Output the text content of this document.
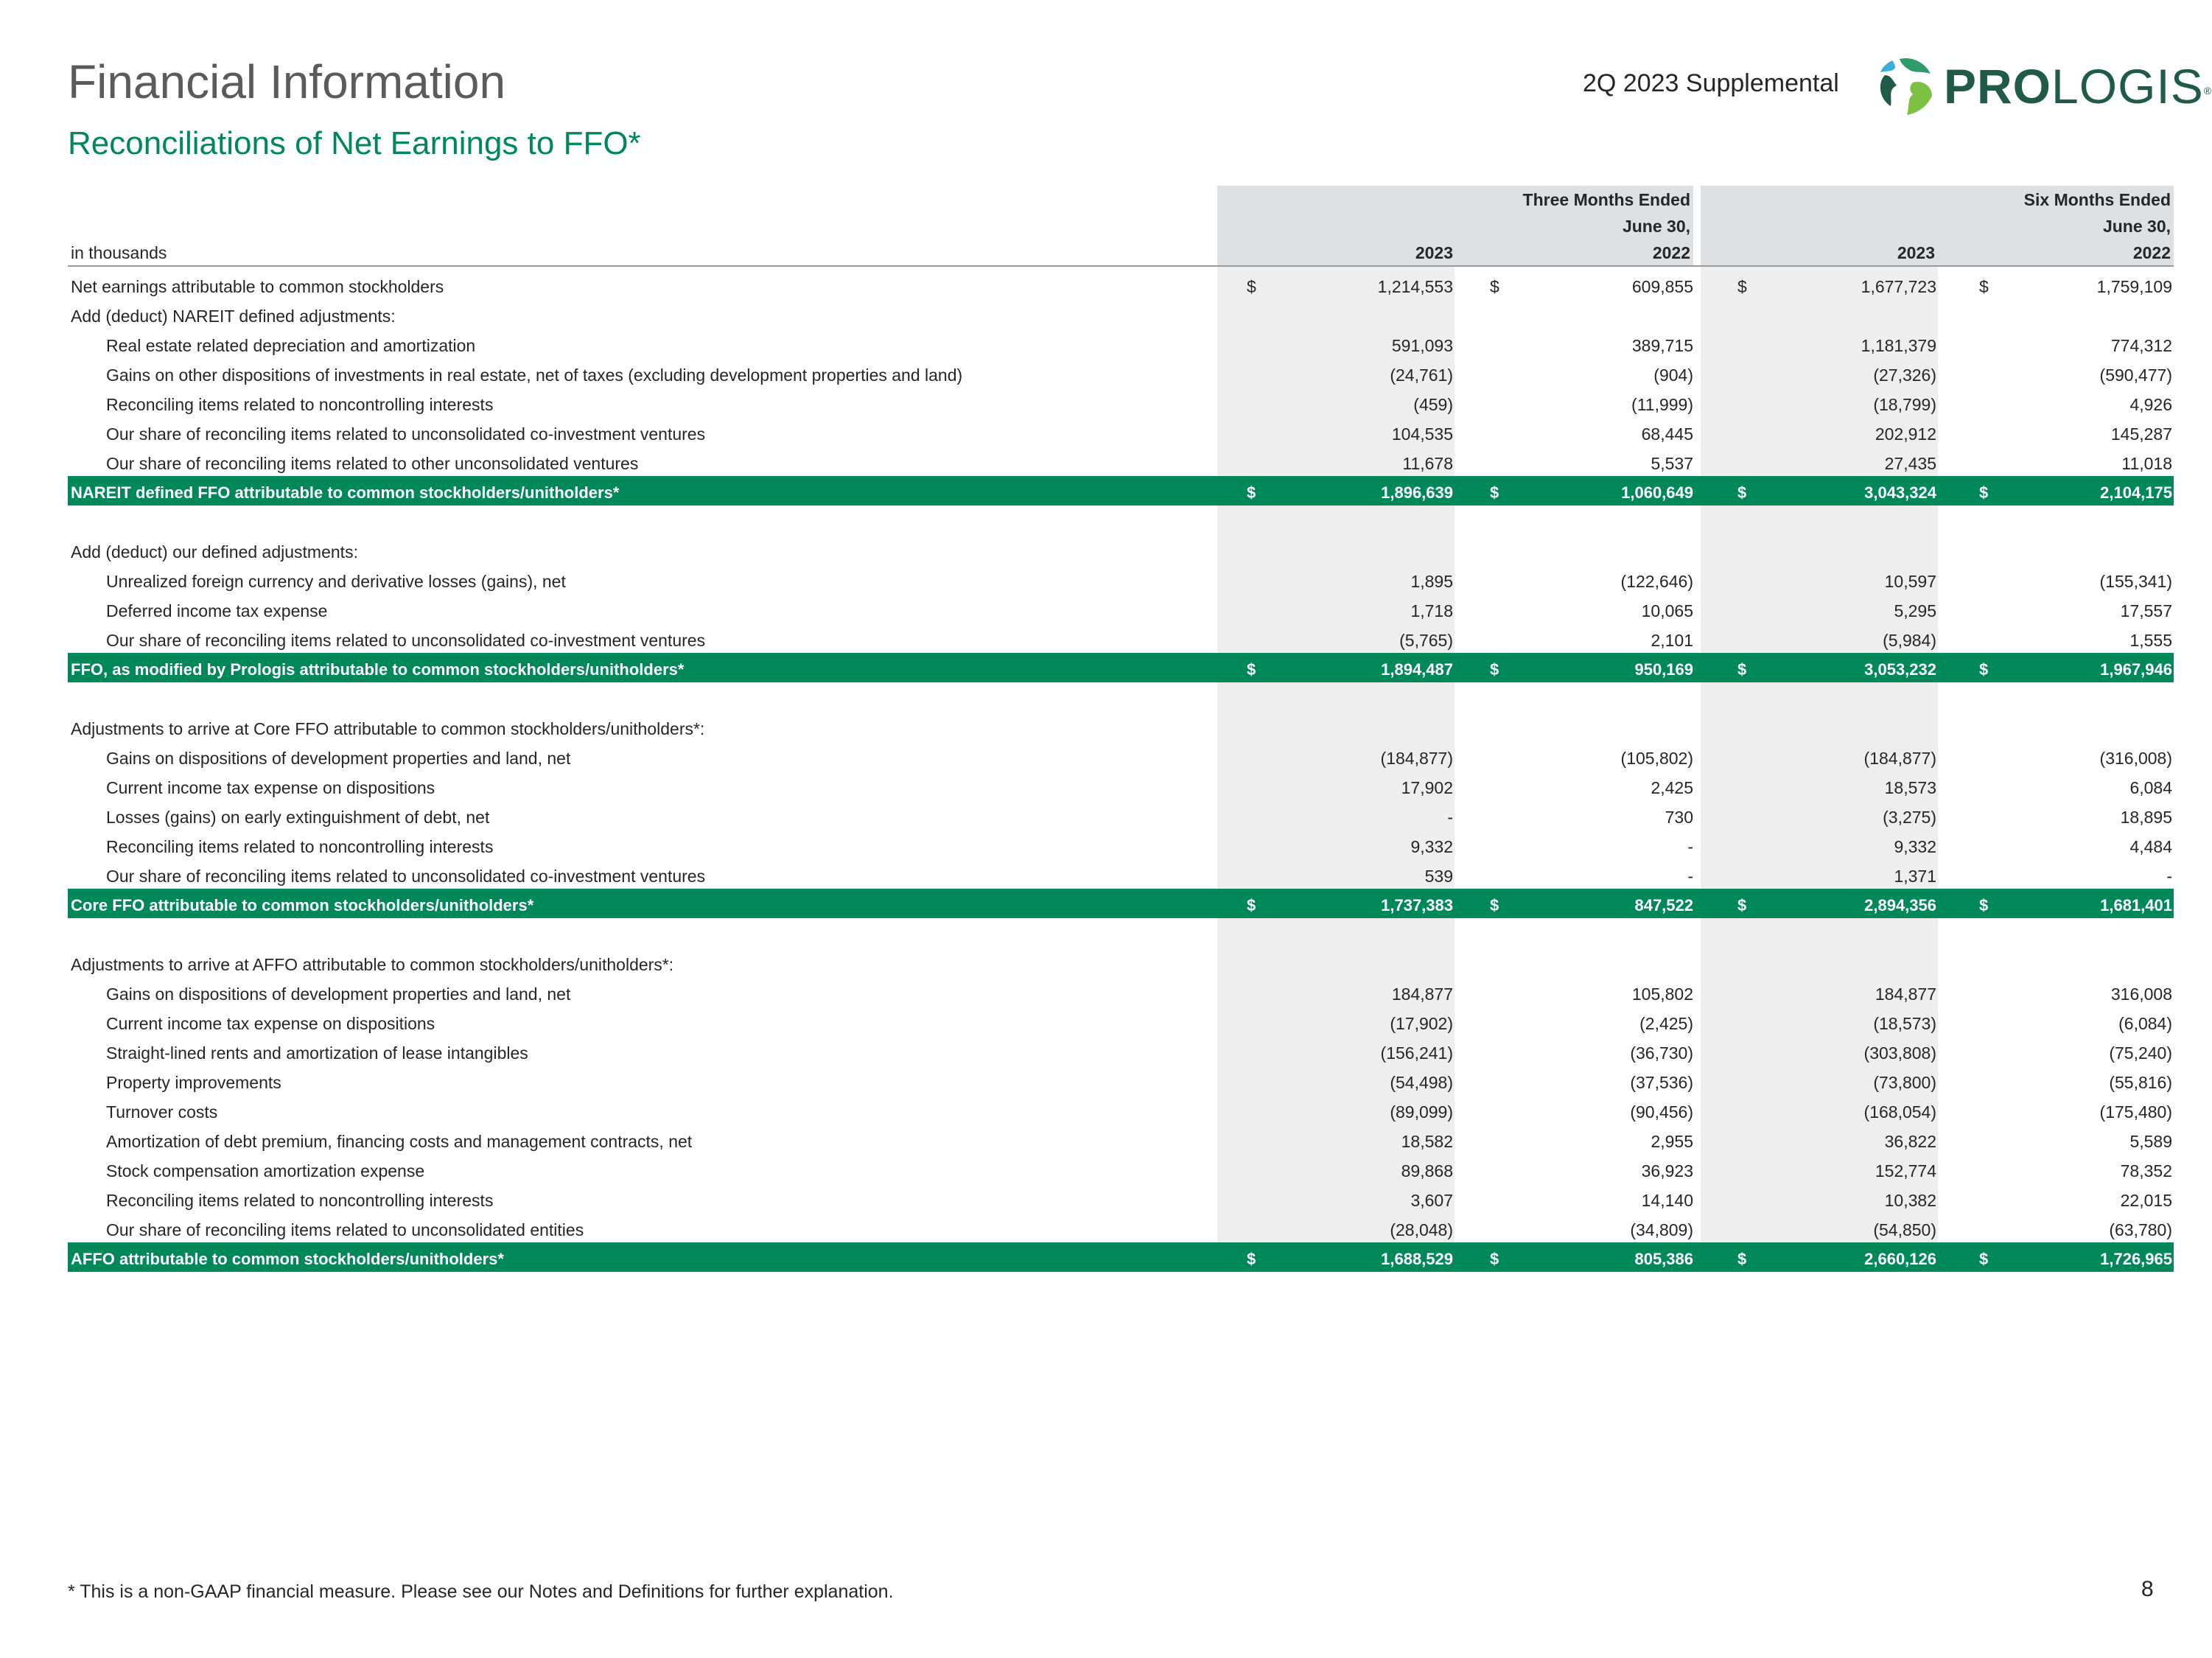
Financial Information
Reconciliations of Net Earnings to FFO*
2Q 2023 Supplemental PROLOGIS®
Three Months Ended
June 30,
Six Months Ended
June 30,
in thousands	2023	2022	2023	2022
Net earnings attributable to common stockholders	$	1,214,553 $	609,855	$	1,677,723	$	1,759,109
Add (deduct) NAREIT defined adjustments:
Real estate related depreciation and amortization	591,093	389,715	1,181,379	774,312
Gains on other dispositions of investments in real estate, net of taxes (excluding development properties and land)	(24,761)	(904)	(27,326)	(590,477)
Reconciling items related to noncontrolling interests	(459)	(11,999)	(18,799)	4,926
Our share of reconciling items related to unconsolidated co-investment ventures	104,535	68,445	202,912	145,287
Our share of reconciling items related to other unconsolidated ventures	11,678	5,537	27,435	11,018
NAREIT defined FFO attributable to common stockholders/unitholders*	$	1,896,639 $	1,060,649	$	3,043,324	$	2,104,175
Add (deduct) our defined adjustments:
Unrealized foreign currency and derivative losses (gains), net	1,895	(122,646)	10,597	(155,341)
Deferred income tax expense	1,718	10,065	5,295	17,557
Our share of reconciling items related to unconsolidated co-investment ventures	(5,765)	2,101	(5,984)	1,555
FFO, as modified by Prologis attributable to common stockholders/unitholders*	$	1,894,487 $	950,169	$	3,053,232	$	1,967,946
Adjustments to arrive at Core FFO attributable to common stockholders/unitholders*:
Gains on dispositions of development properties and land, net	(184,877)	(105,802)	(184,877)	(316,008)
Current income tax expense on dispositions	17,902	2,425	18,573	6,084
Losses (gains) on early extinguishment of debt, net	-	730	(3,275)	18,895
Reconciling items related to noncontrolling interests	9,332	-	9,332	4,484
Our share of reconciling items related to unconsolidated co-investment ventures	539	-	1,371	-
Core FFO attributable to common stockholders/unitholders*	$	1,737,383 $	847,522	$	2,894,356	$	1,681,401
Adjustments to arrive at AFFO attributable to common stockholders/unitholders*:
Gains on dispositions of development properties and land, net	184,877	105,802	184,877	316,008
Current income tax expense on dispositions	(17,902)	(2,425)	(18,573)	(6,084)
Straight-lined rents and amortization of lease intangibles	(156,241)	(36,730)	(303,808)	(75,240)
Property improvements	(54,498)	(37,536)	(73,800)	(55,816)
Turnover costs	(89,099)	(90,456)	(168,054)	(175,480)
Amortization of debt premium, financing costs and management contracts, net	18,582	2,955	36,822	5,589
Stock compensation amortization expense	89,868	36,923	152,774	78,352
Reconciling items related to noncontrolling interests	3,607	14,140	10,382	22,015
Our share of reconciling items related to unconsolidated entities	(28,048)	(34,809)	(54,850)	(63,780)
AFFO attributable to common stockholders/unitholders*	$	1,688,529 $	805,386	$	2,660,126	$	1,726,965
* This is a non-GAAP financial measure. Please see our Notes and Definitions for further explanation.	8
